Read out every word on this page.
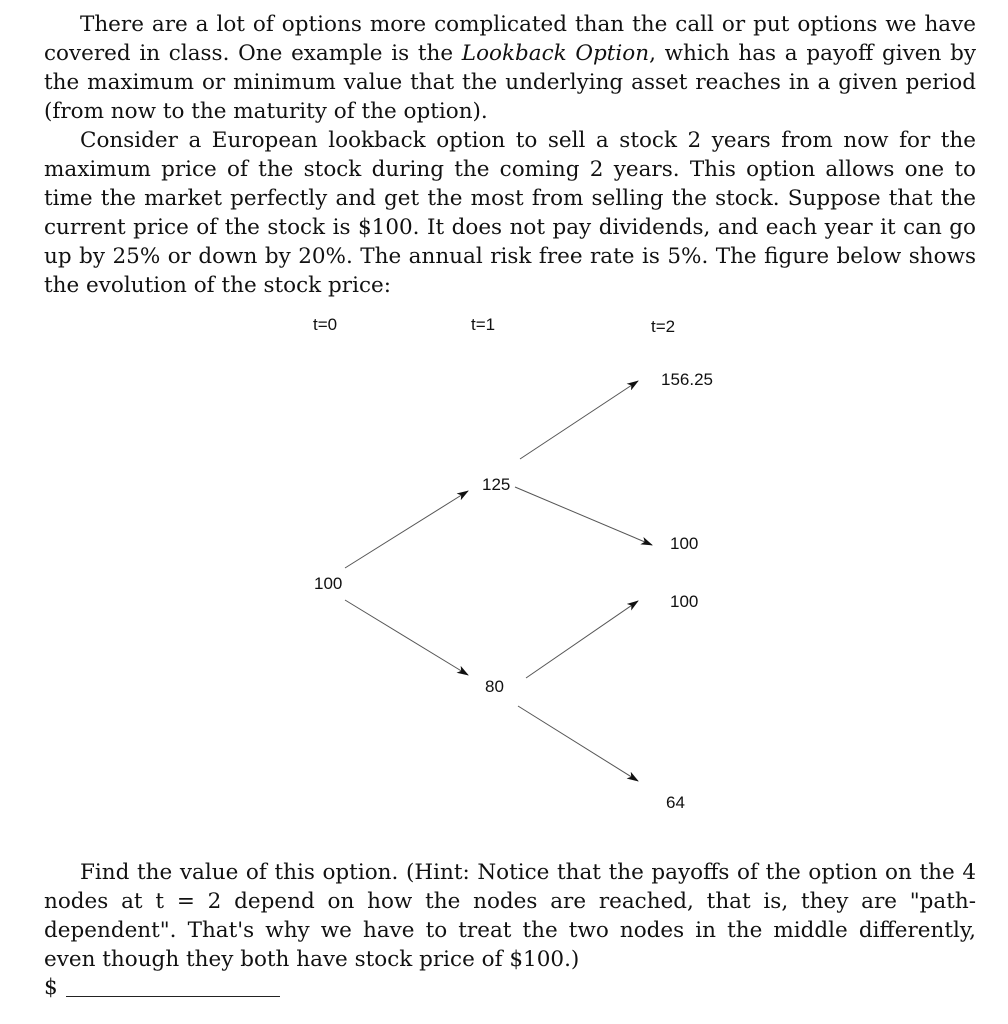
There are a lot of options more complicated than the call or put options we have covered in class. One example is the Lookback Option, which has a payoff given by the maximum or minimum value that the underlying asset reaches in a given period (from now to the maturity of the option).

Consider a European lookback option to sell a stock 2 years from now for the maximum price of the stock during the coming 2 years. This option allows one to time the market perfectly and get the most from selling the stock. Suppose that the current price of the stock is $100. It does not pay dividends, and each year it can go up by 25% or down by 20%. The annual risk free rate is 5%. The figure below shows the evolution of the stock price:

t=0	t=1	t=2
100
125
80
156.25
100
100
64

Find the value of this option. (Hint: Notice that the payoffs of the option on the 4 nodes at t = 2 depend on how the nodes are reached, that is, they are "path-dependent". That's why we have to treat the two nodes in the middle differently, even though they both have stock price of $100.)

$
